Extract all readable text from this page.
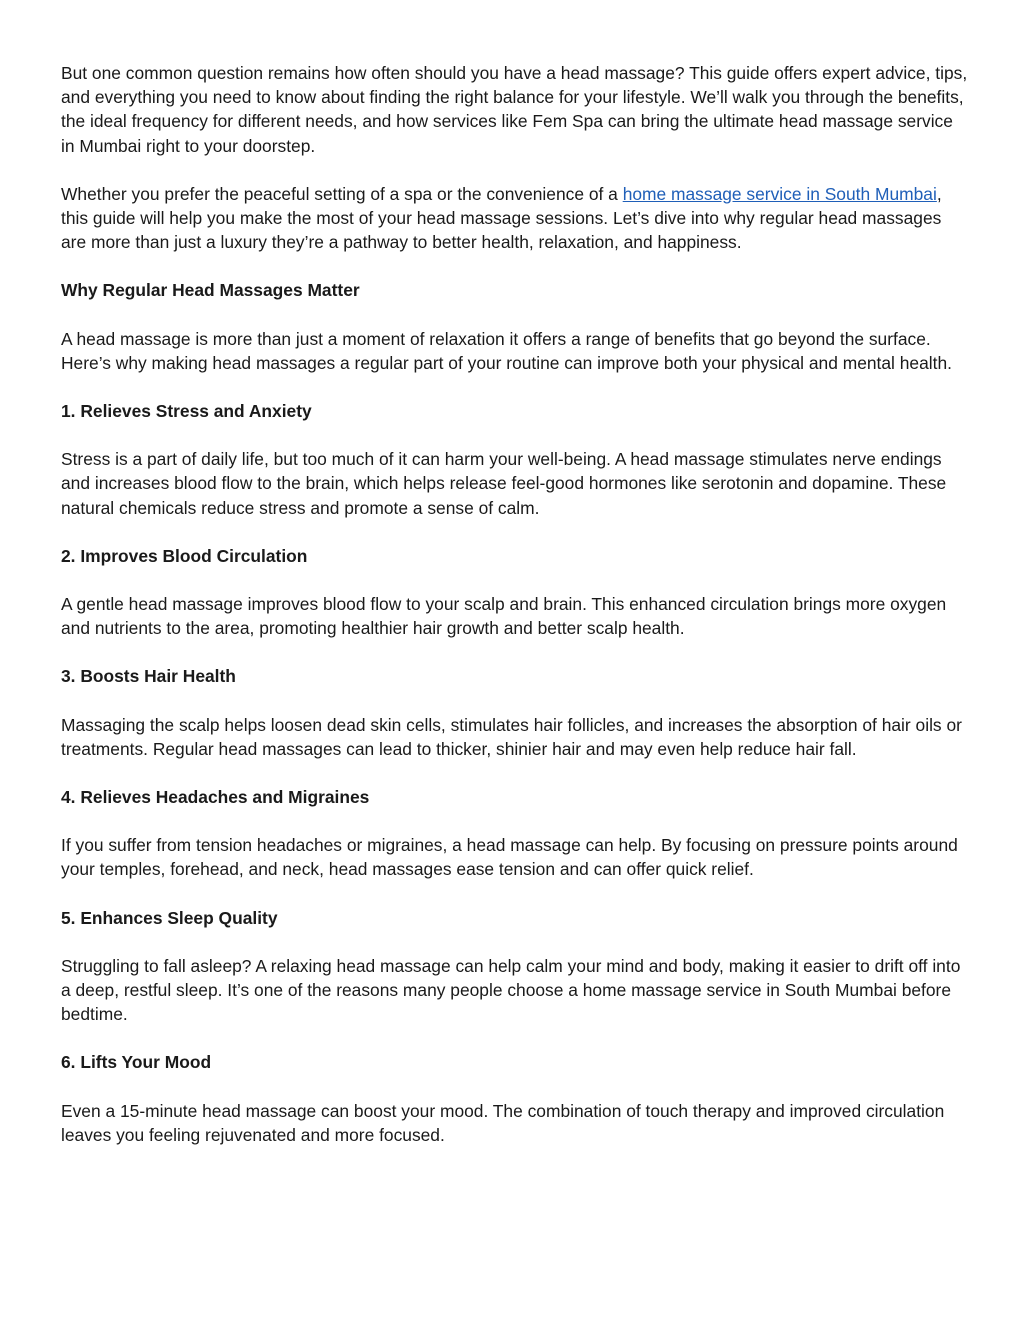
But one common question remains how often should you have a head massage? This guide offers expert advice, tips, and everything you need to know about finding the right balance for your lifestyle. We’ll walk you through the benefits, the ideal frequency for different needs, and how services like Fem Spa can bring the ultimate head massage service in Mumbai right to your doorstep.

Whether you prefer the peaceful setting of a spa or the convenience of a home massage service in South Mumbai, this guide will help you make the most of your head massage sessions. Let’s dive into why regular head massages are more than just a luxury they’re a pathway to better health, relaxation, and happiness.

Why Regular Head Massages Matter

A head massage is more than just a moment of relaxation it offers a range of benefits that go beyond the surface. Here’s why making head massages a regular part of your routine can improve both your physical and mental health.

1. Relieves Stress and Anxiety

Stress is a part of daily life, but too much of it can harm your well-being. A head massage stimulates nerve endings and increases blood flow to the brain, which helps release feel-good hormones like serotonin and dopamine. These natural chemicals reduce stress and promote a sense of calm.

2. Improves Blood Circulation

A gentle head massage improves blood flow to your scalp and brain. This enhanced circulation brings more oxygen and nutrients to the area, promoting healthier hair growth and better scalp health.

3. Boosts Hair Health

Massaging the scalp helps loosen dead skin cells, stimulates hair follicles, and increases the absorption of hair oils or treatments. Regular head massages can lead to thicker, shinier hair and may even help reduce hair fall.

4. Relieves Headaches and Migraines

If you suffer from tension headaches or migraines, a head massage can help. By focusing on pressure points around your temples, forehead, and neck, head massages ease tension and can offer quick relief.

5. Enhances Sleep Quality

Struggling to fall asleep? A relaxing head massage can help calm your mind and body, making it easier to drift off into a deep, restful sleep. It’s one of the reasons many people choose a home massage service in South Mumbai before bedtime.

6. Lifts Your Mood

Even a 15-minute head massage can boost your mood. The combination of touch therapy and improved circulation leaves you feeling rejuvenated and more focused.
